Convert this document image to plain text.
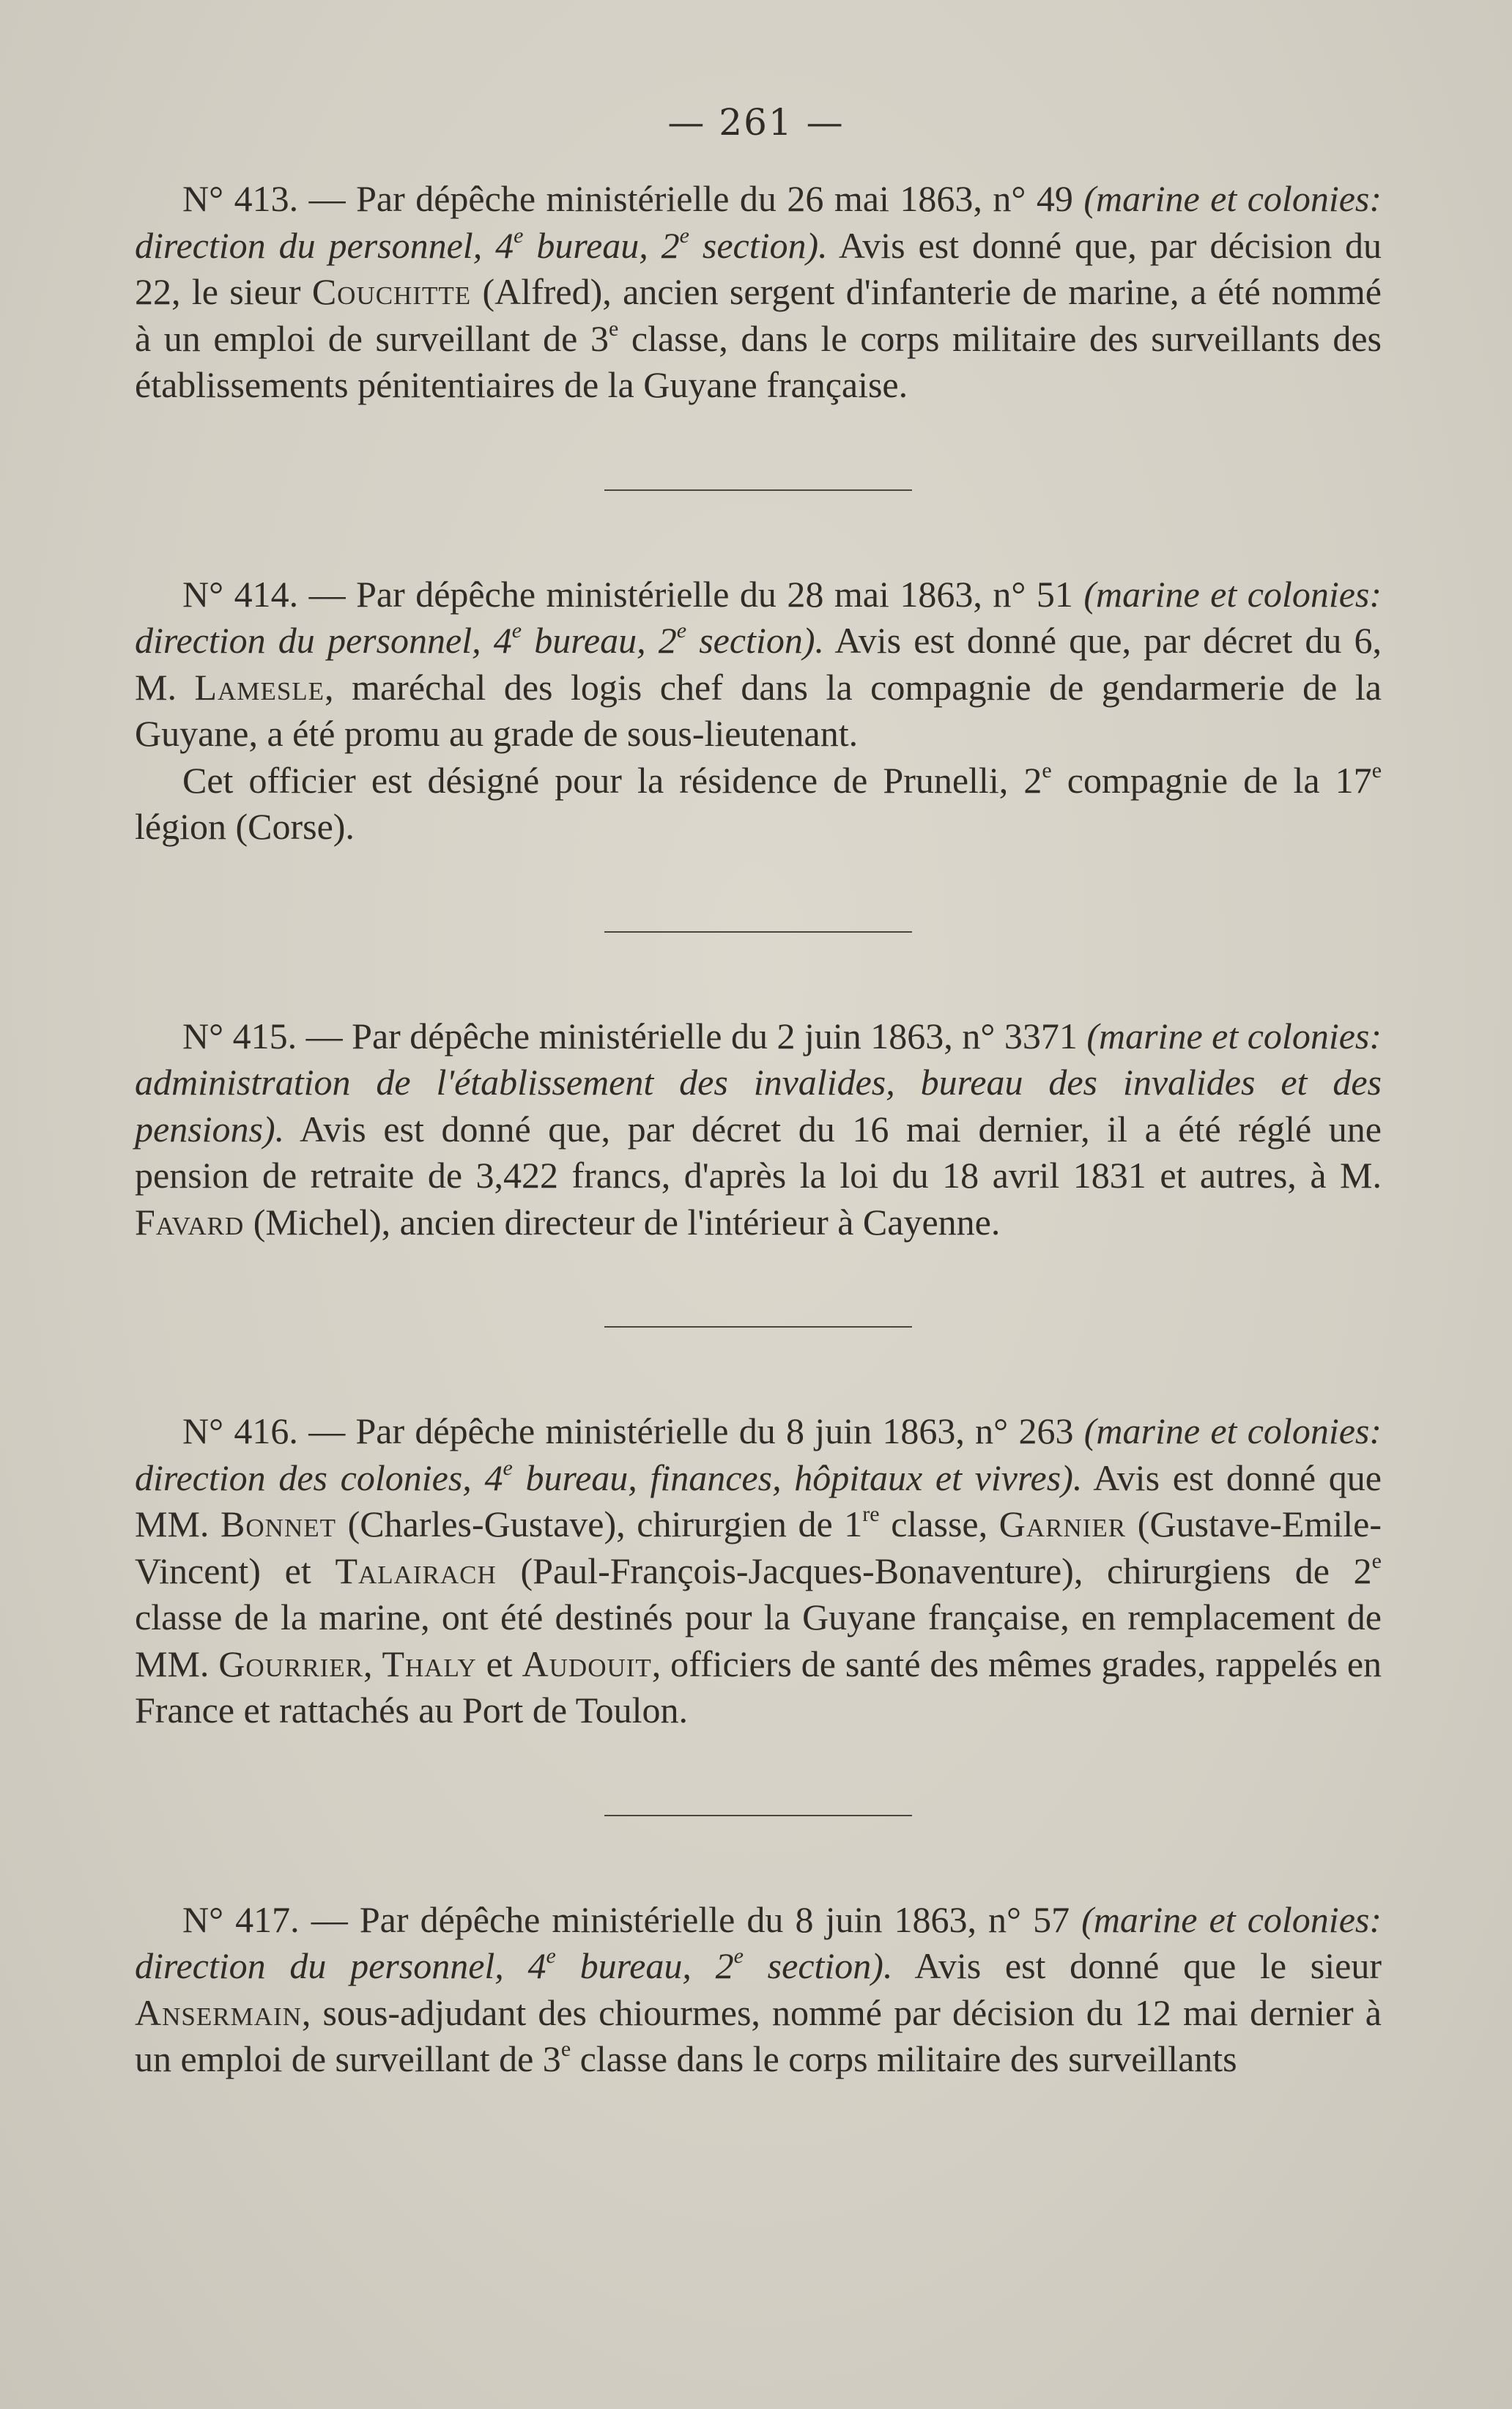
— 261 —

N° 413. — Par dépêche ministérielle du 26 mai 1863, n° 49 (marine et colonies: direction du personnel, 4e bureau, 2e section). Avis est donné que, par décision du 22, le sieur Couchitte (Alfred), ancien sergent d'infanterie de marine, a été nommé à un emploi de surveillant de 3e classe, dans le corps militaire des surveillants des établissements pénitentiaires de la Guyane française.

N° 414. — Par dépêche ministérielle du 28 mai 1863, n° 51 (marine et colonies: direction du personnel, 4e bureau, 2e section). Avis est donné que, par décret du 6, M. Lamesle, maréchal des logis chef dans la compagnie de gendarmerie de la Guyane, a été promu au grade de sous-lieutenant.

Cet officier est désigné pour la résidence de Prunelli, 2e compagnie de la 17e légion (Corse).

N° 415. — Par dépêche ministérielle du 2 juin 1863, n° 3371 (marine et colonies: administration de l'établissement des invalides, bureau des invalides et des pensions). Avis est donné que, par décret du 16 mai dernier, il a été réglé une pension de retraite de 3,422 francs, d'après la loi du 18 avril 1831 et autres, à M. Favard (Michel), ancien directeur de l'intérieur à Cayenne.

N° 416. — Par dépêche ministérielle du 8 juin 1863, n° 263 (marine et colonies: direction des colonies, 4e bureau, finances, hôpitaux et vivres). Avis est donné que MM. Bonnet (Charles-Gustave), chirurgien de 1re classe, Garnier (Gustave-Emile-Vincent) et Talairach (Paul-François-Jacques-Bonaventure), chirurgiens de 2e classe de la marine, ont été destinés pour la Guyane française, en remplacement de MM. Gourrier, Thaly et Audouit, officiers de santé des mêmes grades, rappelés en France et rattachés au Port de Toulon.

N° 417. — Par dépêche ministérielle du 8 juin 1863, n° 57 (marine et colonies: direction du personnel, 4e bureau, 2e section). Avis est donné que le sieur Ansermain, sous-adjudant des chiourmes, nommé par décision du 12 mai dernier à un emploi de surveillant de 3e classe dans le corps militaire des surveillants
